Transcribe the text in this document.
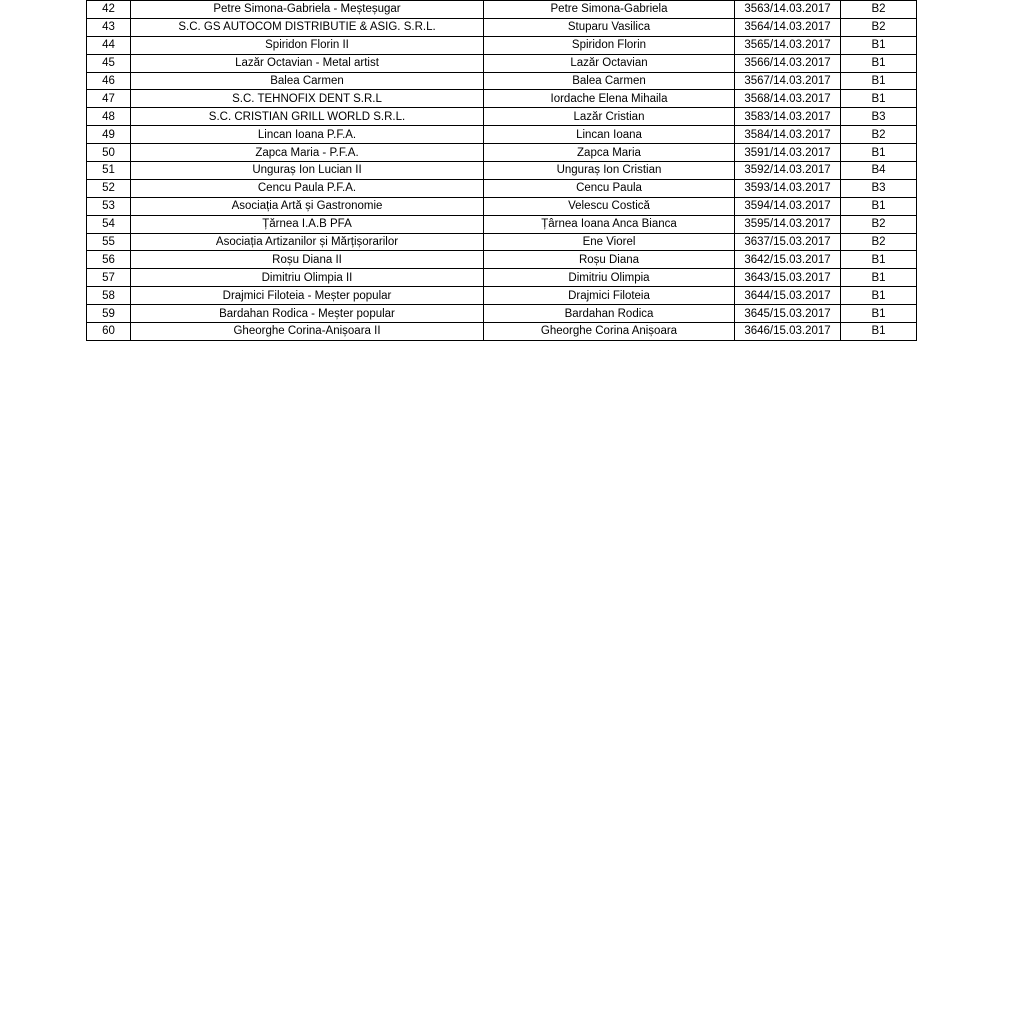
42	Petre Simona-Gabriela - Meșteșugar	Petre Simona-Gabriela	3563/14.03.2017	B2
43	S.C. GS AUTOCOM DISTRIBUTIE & ASIG. S.R.L.	Stuparu Vasilica	3564/14.03.2017	B2
44	Spiridon Florin II	Spiridon Florin	3565/14.03.2017	B1
45	Lazăr Octavian - Metal artist	Lazăr Octavian	3566/14.03.2017	B1
46	Balea Carmen	Balea Carmen	3567/14.03.2017	B1
47	S.C. TEHNOFIX DENT S.R.L	Iordache Elena Mihaila	3568/14.03.2017	B1
48	S.C. CRISTIAN GRILL WORLD S.R.L.	Lazăr Cristian	3583/14.03.2017	B3
49	Lincan Ioana P.F.A.	Lincan Ioana	3584/14.03.2017	B2
50	Zapca Maria - P.F.A.	Zapca Maria	3591/14.03.2017	B1
51	Unguraș Ion Lucian II	Unguraș Ion Cristian	3592/14.03.2017	B4
52	Cencu Paula P.F.A.	Cencu Paula	3593/14.03.2017	B3
53	Asociația Artă și Gastronomie	Velescu Costică	3594/14.03.2017	B1
54	Țărnea I.A.B PFA	Țârnea Ioana Anca Bianca	3595/14.03.2017	B2
55	Asociația Artizanilor și Mărțișorarilor	Ene Viorel	3637/15.03.2017	B2
56	Roșu Diana II	Roșu Diana	3642/15.03.2017	B1
57	Dimitriu Olimpia II	Dimitriu Olimpia	3643/15.03.2017	B1
58	Drajmici Filoteia - Meșter popular	Drajmici Filoteia	3644/15.03.2017	B1
59	Bardahan Rodica - Meșter popular	Bardahan Rodica	3645/15.03.2017	B1
60	Gheorghe Corina-Anișoara II	Gheorghe Corina Anișoara	3646/15.03.2017	B1
